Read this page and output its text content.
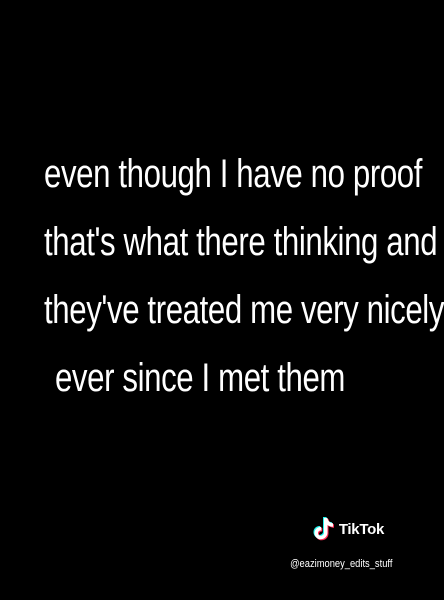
even though I have no proof
that's what there thinking and
they've treated me very nicely
ever since I met them
TikTok
@eazimoney_edits_stuff
